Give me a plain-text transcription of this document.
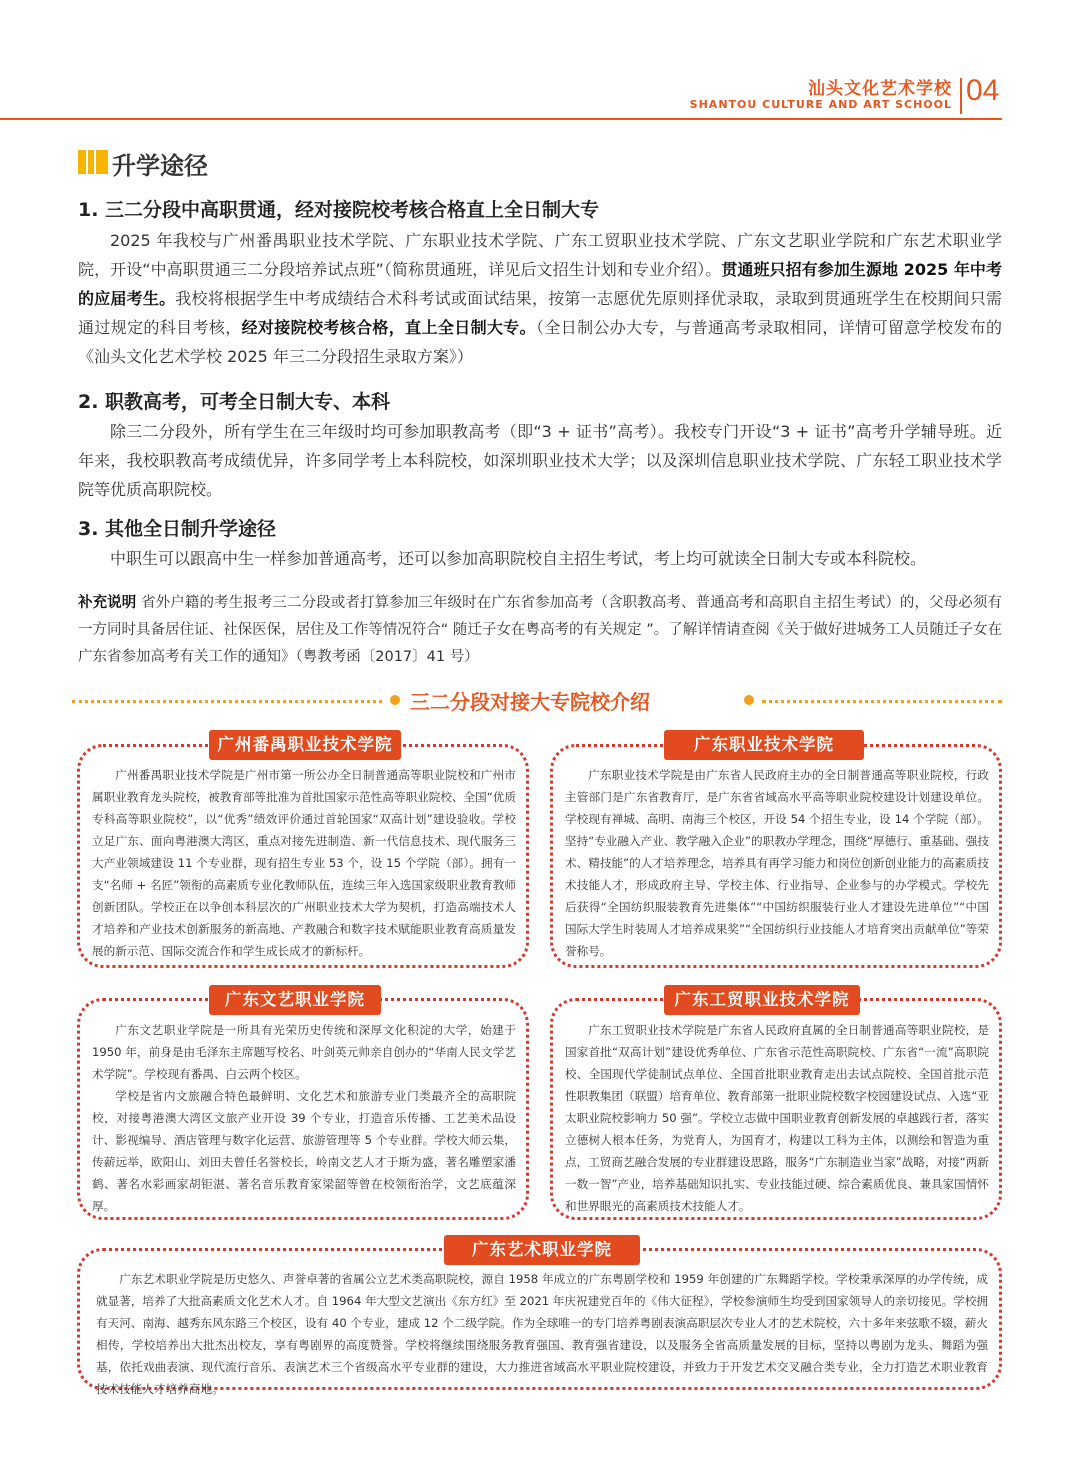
汕头文化艺术学校
SHANTOU CULTURE AND ART SCHOOL 04
升学途径
1. 三二分段中高职贯通，经对接院校考核合格直上全日制大专
2025 年我校与广州番禺职业技术学院、广东职业技术学院、广东工贸职业技术学院、广东文艺职业学院和广东艺术职业学院，开设“中高职贯通三二分段培养试点班”（简称贯通班，详见后文招生计划和专业介绍）。贯通班只招有参加生源地 2025 年中考的应届考生。我校将根据学生中考成绩结合术科考试或面试结果，按第一志愿优先原则择优录取，录取到贯通班学生在校期间只需通过规定的科目考核，经对接院校考核合格，直上全日制大专。（全日制公办大专，与普通高考录取相同，详情可留意学校发布的《汕头文化艺术学校 2025 年三二分段招生录取方案》）
2. 职教高考，可考全日制大专、本科
除三二分段外，所有学生在三年级时均可参加职教高考（即“3 + 证书”高考）。我校专门开设“3 + 证书”高考升学辅导班。近年来，我校职教高考成绩优异，许多同学考上本科院校，如深圳职业技术大学；以及深圳信息职业技术学院、广东轻工职业技术学院等优质高职院校。
3. 其他全日制升学途径
中职生可以跟高中生一样参加普通高考，还可以参加高职院校自主招生考试，考上均可就读全日制大专或本科院校。
补充说明 省外户籍的考生报考三二分段或者打算参加三年级时在广东省参加高考（含职教高考、普通高考和高职自主招生考试）的，父母必须有一方同时具备居住证、社保医保，居住及工作等情况符合“ 随迁子女在粤高考的有关规定 ”。了解详情请查阅《关于做好进城务工人员随迁子女在广东省参加高考有关工作的通知》（粤教考函〔2017〕41 号）
三二分段对接大专院校介绍
广州番禺职业技术学院

广州番禺职业技术学院是广州市第一所公办全日制普通高等职业院校和广州市属职业教育龙头院校，被教育部等批准为首批国家示范性高等职业院校、全国“优质专科高等职业院校”，以“优秀”绩效评价通过首轮国家“双高计划”建设验收。学校立足广东、面向粤港澳大湾区，重点对接先进制造、新一代信息技术、现代服务三大产业领域建设 11 个专业群，现有招生专业 53 个，设 15 个学院（部）。拥有一支“名师 + 名匠”领衔的高素质专业化教师队伍，连续三年入选国家级职业教育教师创新团队。学校正在以争创本科层次的广州职业技术大学为契机，打造高端技术人才培养和产业技术创新服务的新高地、产教融合和数字技术赋能职业教育高质量发展的新示范、国际交流合作和学生成长成才的新标杆。

广东职业技术学院

广东职业技术学院是由广东省人民政府主办的全日制普通高等职业院校，行政主管部门是广东省教育厅，是广东省省域高水平高等职业院校建设计划建设单位。学校现有禅城、高明、南海三个校区，开设 54 个招生专业，设 14 个学院（部）。坚持“专业融入产业、教学融入企业”的职教办学理念，围绕“厚德行、重基础、强技术、精技能”的人才培养理念，培养具有再学习能力和岗位创新创业能力的高素质技术技能人才，形成政府主导、学校主体、行业指导、企业参与的办学模式。学校先后获得“全国纺织服装教育先进集体”“中国纺织服装行业人才建设先进单位”“中国国际大学生时装周人才培养成果奖”“全国纺织行业技能人才培育突出贡献单位”等荣誉称号。

广东文艺职业学院

广东文艺职业学院是一所具有光荣历史传统和深厚文化积淀的大学，始建于 1950 年，前身是由毛泽东主席题写校名、叶剑英元帅亲自创办的“华南人民文学艺术学院”。学校现有番禺、白云两个校区。

学校是省内文旅融合特色最鲜明、文化艺术和旅游专业门类最齐全的高职院校，对接粤港澳大湾区文旅产业开设 39 个专业，打造音乐传播、工艺美术品设计、影视编导、酒店管理与数字化运营、旅游管理等 5 个专业群。学校大师云集，传薪远举，欧阳山、刘田夫曾任名誉校长，岭南文艺人才于斯为盛，著名雕塑家潘鹤、著名水彩画家胡钜湛、著名音乐教育家梁韶等曾在校领衔治学，文艺底蕴深厚。

广东工贸职业技术学院

广东工贸职业技术学院是广东省人民政府直属的全日制普通高等职业院校，是国家首批“双高计划”建设优秀单位、广东省示范性高职院校、广东省“一流”高职院校、全国现代学徒制试点单位、全国首批职业教育走出去试点院校、全国首批示范性职教集团（联盟）培育单位、教育部第一批职业院校数字校园建设试点、入选“亚太职业院校影响力 50 强”。学校立志做中国职业教育创新发展的卓越践行者，落实立德树人根本任务，为党育人，为国育才，构建以工科为主体，以测绘和智造为重点，工贸商艺融合发展的专业群建设思路，服务“广东制造业当家”战略，对接“两新一数一智”产业，培养基础知识扎实、专业技能过硬、综合素质优良、兼具家国情怀和世界眼光的高素质技术技能人才。

广东艺术职业学院

广东艺术职业学院是历史悠久、声誉卓著的省属公立艺术类高职院校，源自 1958 年成立的广东粤剧学校和 1959 年创建的广东舞蹈学校。学校秉承深厚的办学传统，成就显著，培养了大批高素质文化艺术人才。自 1964 年大型文艺演出《东方红》至 2021 年庆祝建党百年的《伟大征程》，学校参演师生均受到国家领导人的亲切接见。学校拥有天河、南海、越秀东风东路三个校区，设有 40 个专业，建成 12 个二级学院。作为全球唯一的专门培养粤剧表演高职层次专业人才的艺术院校，六十多年来弦歌不辍，薪火相传，学校培养出大批杰出校友，享有粤剧界的高度赞誉。学校将继续围绕服务教育强国、教育强省建设，以及服务全省高质量发展的目标，坚持以粤剧为龙头、舞蹈为强基，依托戏曲表演、现代流行音乐、表演艺术三个省级高水平专业群的建设，大力推进省域高水平职业院校建设，并致力于开发艺术交叉融合类专业，全力打造艺术职业教育技术技能人才培养高地。
